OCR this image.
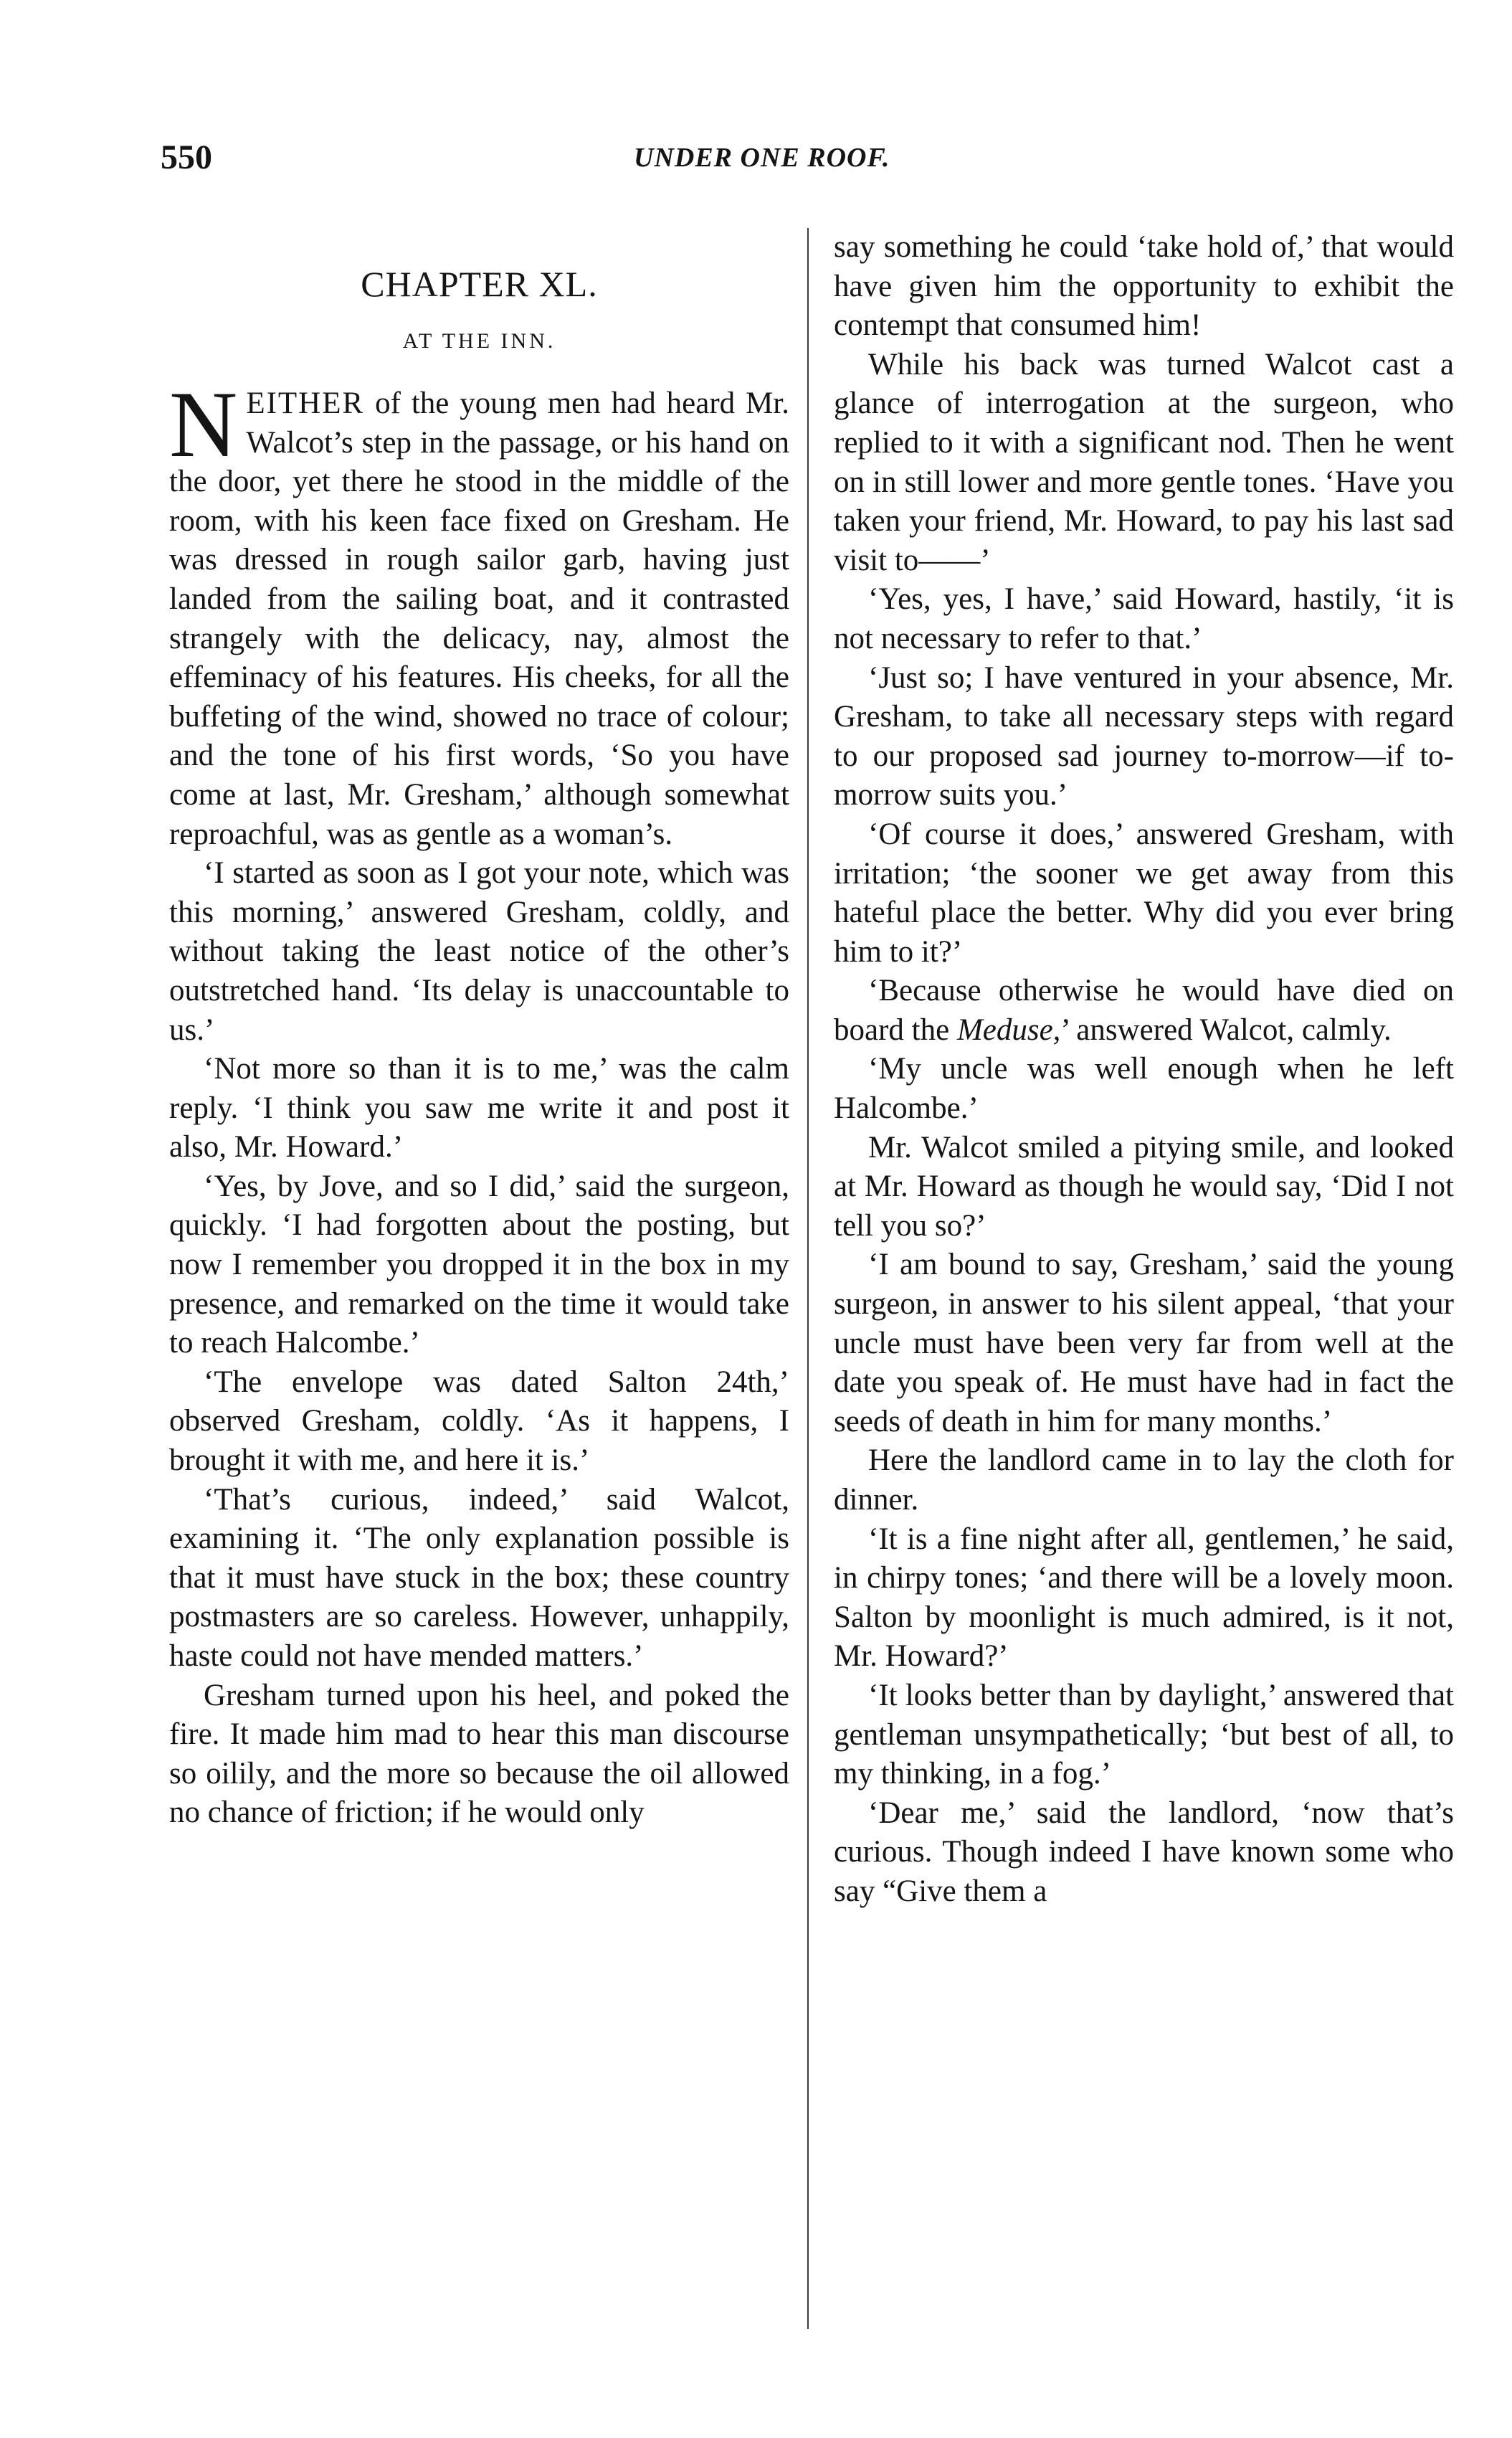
550	UNDER ONE ROOF.
CHAPTER XL.
AT THE INN.

NEITHER of the young men had heard Mr. Walcot’s step in the passage, or his hand on the door, yet there he stood in the middle of the room, with his keen face fixed on Gresham. He was dressed in rough sailor garb, having just landed from the sailing boat, and it contrasted strangely with the delicacy, nay, almost the effeminacy of his features. His cheeks, for all the buffeting of the wind, showed no trace of colour; and the tone of his first words, ‘So you have come at last, Mr. Gresham,’ although somewhat reproachful, was as gentle as a woman’s.

‘I started as soon as I got your note, which was this morning,’ answered Gresham, coldly, and without taking the least notice of the other’s outstretched hand. ‘Its delay is unaccountable to us.’

‘Not more so than it is to me,’ was the calm reply. ‘I think you saw me write it and post it also, Mr. Howard.’

‘Yes, by Jove, and so I did,’ said the surgeon, quickly. ‘I had forgotten about the posting, but now I remember you dropped it in the box in my presence, and remarked on the time it would take to reach Halcombe.’

‘The envelope was dated Salton 24th,’ observed Gresham, coldly. ‘As it happens, I brought it with me, and here it is.’

‘That’s curious, indeed,’ said Walcot, examining it. ‘The only explanation possible is that it must have stuck in the box; these country postmasters are so careless. However, unhappily, haste could not have mended matters.’

Gresham turned upon his heel, and poked the fire. It made him mad to hear this man discourse so oilily, and the more so because the oil allowed no chance of friction; if he would only

say something he could ‘take hold of,’ that would have given him the opportunity to exhibit the contempt that consumed him!

While his back was turned Walcot cast a glance of interrogation at the surgeon, who replied to it with a significant nod. Then he went on in still lower and more gentle tones. ‘Have you taken your friend, Mr. Howard, to pay his last sad visit to——’

‘Yes, yes, I have,’ said Howard, hastily, ‘it is not necessary to refer to that.’

‘Just so; I have ventured in your absence, Mr. Gresham, to take all necessary steps with regard to our proposed sad journey to-morrow—if to-morrow suits you.’

‘Of course it does,’ answered Gresham, with irritation; ‘the sooner we get away from this hateful place the better. Why did you ever bring him to it?’

‘Because otherwise he would have died on board the Meduse,’ answered Walcot, calmly.

‘My uncle was well enough when he left Halcombe.’

Mr. Walcot smiled a pitying smile, and looked at Mr. Howard as though he would say, ‘Did I not tell you so?’

‘I am bound to say, Gresham,’ said the young surgeon, in answer to his silent appeal, ‘that your uncle must have been very far from well at the date you speak of. He must have had in fact the seeds of death in him for many months.’

Here the landlord came in to lay the cloth for dinner.

‘It is a fine night after all, gentlemen,’ he said, in chirpy tones; ‘and there will be a lovely moon. Salton by moonlight is much admired, is it not, Mr. Howard?’

‘It looks better than by daylight,’ answered that gentleman unsympathetically; ‘but best of all, to my thinking, in a fog.’

‘Dear me,’ said the landlord, ‘now that’s curious. Though indeed I have known some who say “Give them a
